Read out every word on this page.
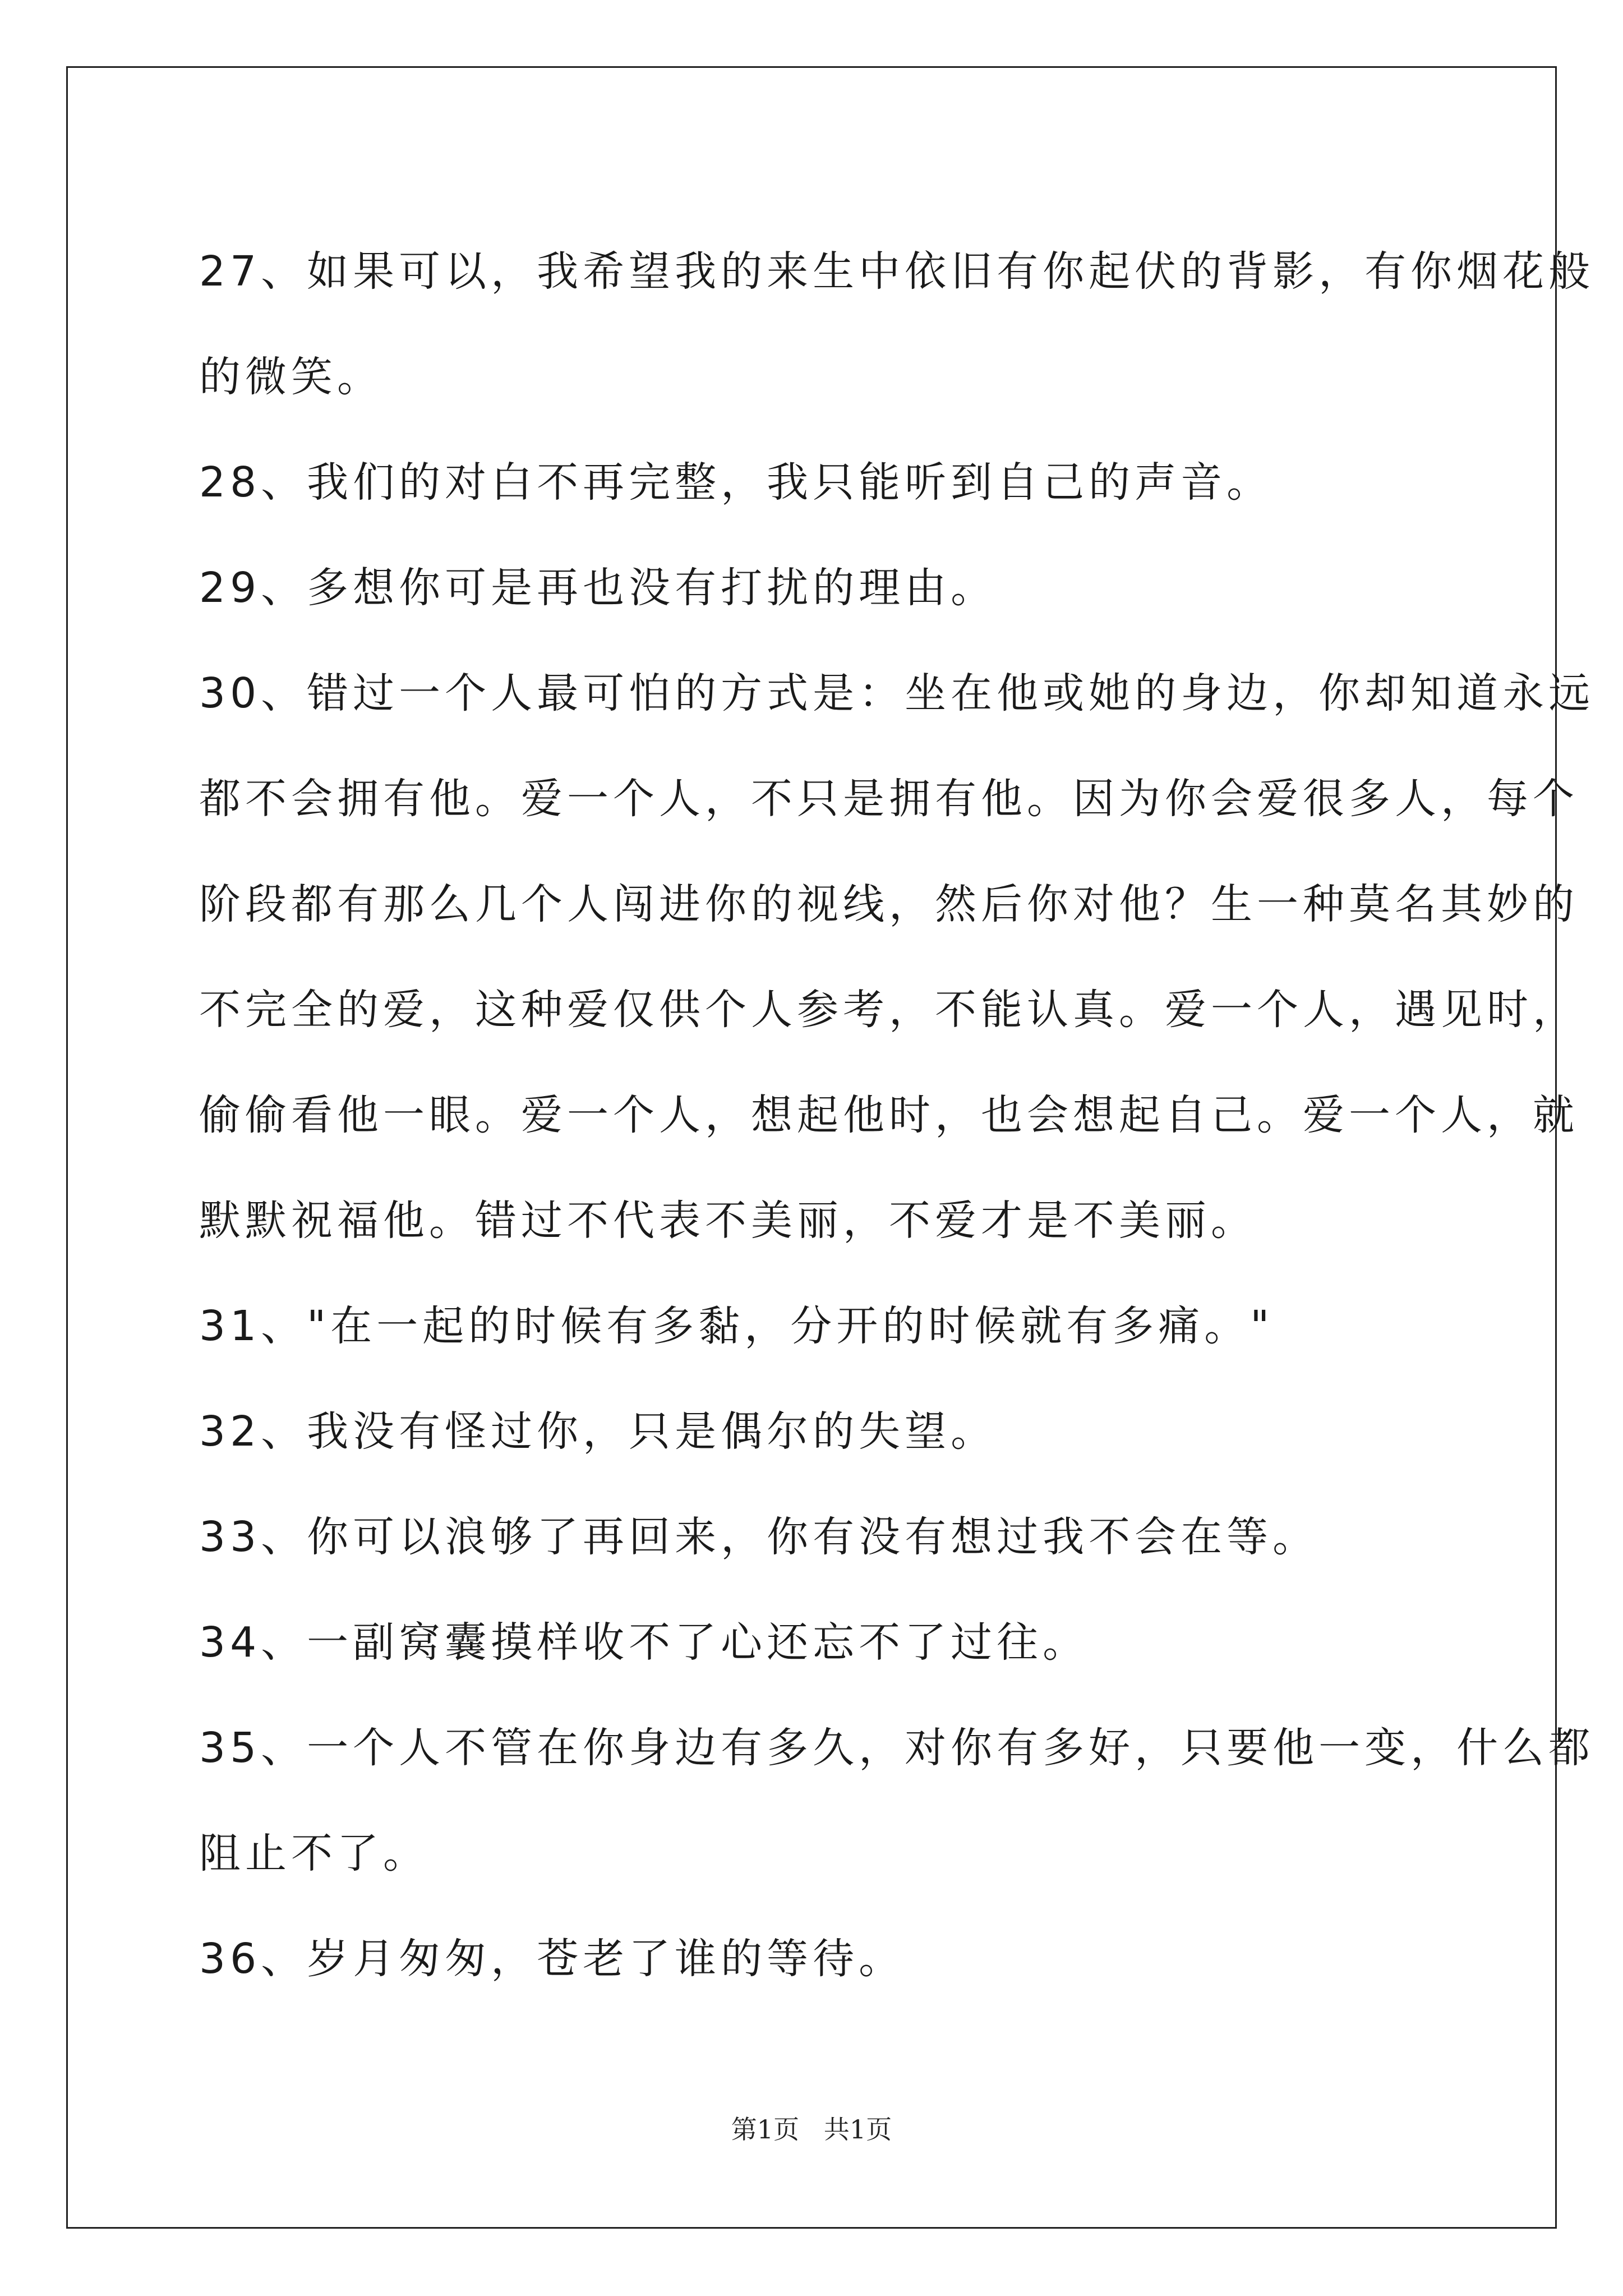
27、如果可以，我希望我的来生中依旧有你起伏的背影，有你烟花般
的微笑。
28、我们的对白不再完整，我只能听到自己的声音。
29、多想你可是再也没有打扰的理由。
30、错过一个人最可怕的方式是：坐在他或她的身边，你却知道永远
都不会拥有他。爱一个人，不只是拥有他。因为你会爱很多人，每个
阶段都有那么几个人闯进你的视线，然后你对他？生一种莫名其妙的
不完全的爱，这种爱仅供个人参考，不能认真。爱一个人，遇见时，
偷偷看他一眼。爱一个人，想起他时，也会想起自己。爱一个人，就
默默祝福他。错过不代表不美丽，不爱才是不美丽。
31、"在一起的时候有多黏，分开的时候就有多痛。"
32、我没有怪过你，只是偶尔的失望。
33、你可以浪够了再回来，你有没有想过我不会在等。
34、一副窝囊摸样收不了心还忘不了过往。
35、一个人不管在你身边有多久，对你有多好，只要他一变，什么都
阻止不了。
36、岁月匆匆，苍老了谁的等待。
第1页   共1页
